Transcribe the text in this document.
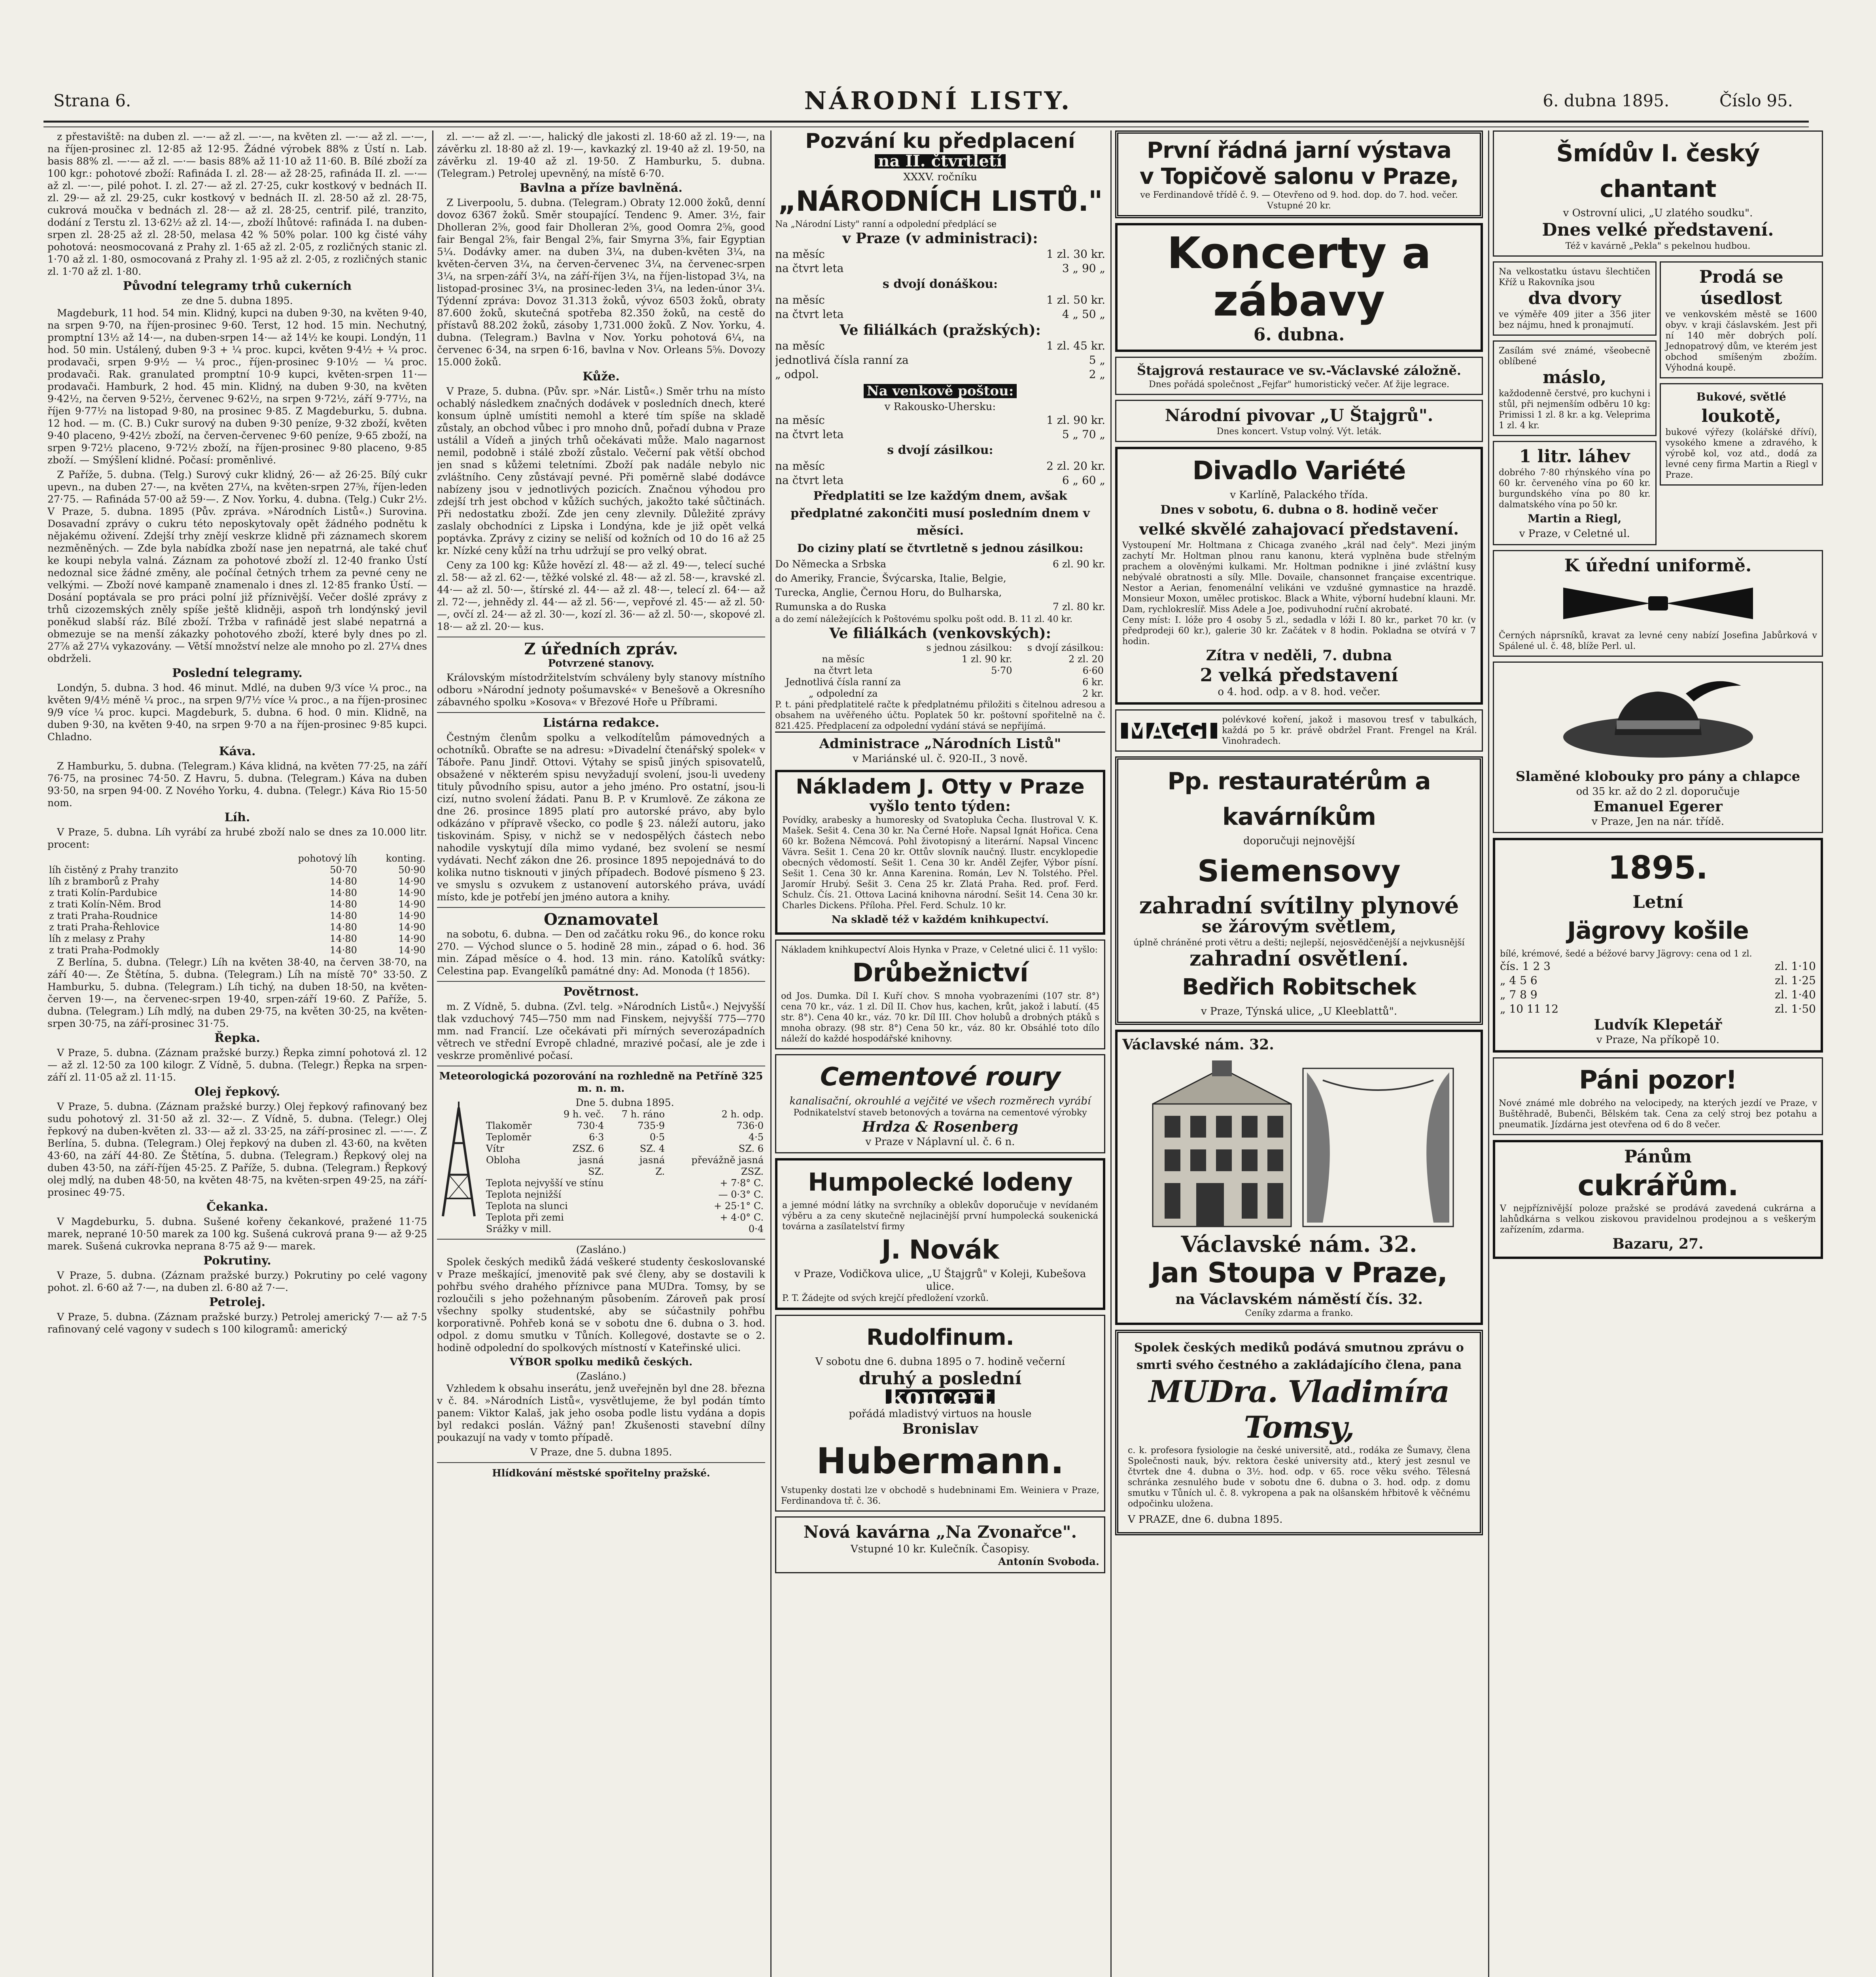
Strana 6.	NÁRODNÍ LISTY.	6. dubna 1895.	Číslo 95.

z přestaviště: na duben zl. —·— až zl. —·—, na květen zl. —·— až zl. —·—, na říjen-prosinec zl. 12·85 až 12·95. Žádné výrobek 88% z Ústí n. Lab. basis 88% zl. —·— až zl. —·— basis 88% až 11·10 až 11·60. B. Bílé zboží za 100 kgr.: pohotové zboží: Rafináda I. zl. 28·— až 28·25, rafináda II. zl. —·— až zl. —·—, pilé pohot. I. zl. 27·— až zl. 27·25, cukr kostkový v bednách II. zl. 29·— až zl. 29·25, cukr kostkový v bednách II. zl. 28·50 až zl. 28·75, cukrová moučka v bednách zl. 28·— až zl. 28·25, centrif. pilé, tranzito, dodání z Terstu zl. 13·62½ až zl. 14·—, zboží lhůtové: rafináda I. na duben-srpen zl. 28·25 až zl. 28·50, melasa 42 % 50% polar. 100 kg čisté váhy pohotová: neosmocovaná z Prahy zl. 1·65 až zl. 2·05, z rozličných stanic zl. 1·70 až zl. 1·80, osmocovaná z Prahy zl. 1·95 až zl. 2·05, z rozličných stanic zl. 1·70 až zl. 1·80.

Původní telegramy trhů cukerních
ze dne 5. dubna 1895.

Magdeburk, 11 hod. 54 min. Klidný, kupci na duben 9·30, na květen 9·40, na srpen 9·70, na říjen-prosinec 9·60. Terst, 12 hod. 15 min. Nechutný, promptní 13½ až 14·—, na duben-srpen 14·— až 14½ ke koupi. Londýn, 11 hod. 50 min. Ustálený, duben 9·3 + ¼ proc. kupci, květen 9·4½ + ¼ proc. prodavači, srpen 9·9½ — ¼ proc., říjen-prosinec 9·10½ — ¼ proc. prodavači. Rak. granulated promptní 10·9 kupci, květen-srpen 11·— prodavači. Hamburk, 2 hod. 45 min. Klidný, na duben 9·30, na květen 9·42½, na červen 9·52½, červenec 9·62½, na srpen 9·72½, září 9·77½, na říjen 9·77½ na listopad 9·80, na prosinec 9·85. Z Magdeburku, 5. dubna. 12 hod. — m. (C. B.) Cukr surový na duben 9·30 peníze, 9·32 zboží, květen 9·40 placeno, 9·42½ zboží, na červen-červenec 9·60 peníze, 9·65 zboží, na srpen 9·72½ placeno, 9·72½ zboží, na říjen-prosinec 9·80 placeno, 9·85 zboží. — Smýšlení klidné. Počasí: proměnlivé.

Z Paříže, 5. dubna. (Telg.) Surový cukr klidný, 26·— až 26·25. Bílý cukr upevn., na duben 27·—, na květen 27¼, na květen-srpen 27⅝, říjen-leden 27·75. — Rafináda 57·00 až 59·—. Z Nov. Yorku, 4. dubna. (Telg.) Cukr 2½. V Praze, 5. dubna. 1895 (Pův. zpráva. »Národních Listů«.) Surovina. Dosavadní zprávy o cukru této neposkytovaly opět žádného podnětu k nějakému oživení. Zdejší trhy znějí veskrze klidně při záznamech skorem nezměněných. — Zde byla nabídka zboží nase jen nepatrná, ale také chuť ke koupi nebyla valná. Záznam za pohotové zboží zl. 12·40 franko Ústí nedoznal sice žádné změny, ale počínal četných trhem za pevné ceny ne velkými. — Zboží nové kampaně znamenalo i dnes zl. 12·85 franko Ústí. — Dosání poptávala se pro práci polní již příznivější. Večer došlé zprávy z trhů cizozemských zněly spíše ještě klidněji, aspoň trh londýnský jevil poněkud slabší ráz. Bílé zboží. Tržba v rafinádě jest slabé nepatrná a obmezuje se na menší zákazky pohotového zboží, které byly dnes po zl. 27⅞ až 27¼ vykazovány. — Větší množství nelze ale mnoho po zl. 27¼ dnes obdrželi.

Poslední telegramy.

Londýn, 5. dubna. 3 hod. 46 minut. Mdlé, na duben 9/3 více ¼ proc., na květen 9/4½ méně ¼ proc., na srpen 9/7½ více ¼ proc., a na říjen-prosinec 9/9 více ¼ proc. kupci. Magdeburk, 5. dubna. 6 hod. 0 min. Klidně, na duben 9·30, na květen 9·40, na srpen 9·70 a na říjen-prosinec 9·85 kupci. Chladno.

Káva.

Z Hamburku, 5. dubna. (Telegram.) Káva klidná, na květen 77·25, na září 76·75, na prosinec 74·50. Z Havru, 5. dubna. (Telegram.) Káva na duben 93·50, na srpen 94·00. Z Nového Yorku, 4. dubna. (Telegr.) Káva Rio 15·50 nom.

Líh.

V Praze, 5. dubna. Líh vyrábí za hrubé zboží nalo se dnes za 10.000 litr. procent:

	pohotový líh	konting.
líh čistěný z Prahy tranzito	50·70	50·90
líh z bramborů z Prahy	14·80	14·90
z trati Kolín-Pardubice	14·80	14·90
z trati Kolín-Něm. Brod	14·80	14·90
z trati Praha-Roudnice	14·80	14·90
z trati Praha-Řehlovice	14·80	14·90
líh z melasy z Prahy	14·80	14·90
z trati Praha-Podmokly	14·80	14·90

Z Berlína, 5. dubna. (Telegr.) Líh na květen 38·40, na červen 38·70, na září 40·—. Ze Štětína, 5. dubna. (Telegram.) Líh na místě 70° 33·50. Z Hamburku, 5. dubna. (Telegram.) Líh tichý, na duben 18·50, na květen-červen 19·—, na červenec-srpen 19·40, srpen-září 19·60. Z Paříže, 5. dubna. (Telegram.) Líh mdlý, na duben 29·75, na květen 30·25, na květen-srpen 30·75, na září-prosinec 31·75.

Řepka.

V Praze, 5. dubna. (Záznam pražské burzy.) Řepka zimní pohotová zl. 12 — až zl. 12·50 za 100 kilogr. Z Vídně, 5. dubna. (Telegr.) Řepka na srpen-září zl. 11·05 až zl. 11·15.

Olej řepkový.

V Praze, 5. dubna. (Záznam pražské burzy.) Olej řepkový rafinovaný bez sudu pohotový zl. 31·50 až zl. 32·—. Z Vídně, 5. dubna. (Telegr.) Olej řepkový na duben-květen zl. 33·— až zl. 33·25, na září-prosinec zl. —·—. Z Berlína, 5. dubna. (Telegram.) Olej řepkový na duben zl. 43·60, na květen 43·60, na září 44·80. Ze Štětína, 5. dubna. (Telegram.) Řepkový olej na duben 43·50, na září-říjen 45·25. Z Paříže, 5. dubna. (Telegram.) Řepkový olej mdlý, na duben 48·50, na květen 48·75, na květen-srpen 49·25, na září-prosinec 49·75.

Čekanka.

V Magdeburku, 5. dubna. Sušené kořeny čekankové, pražené 11·75 marek, neprané 10·50 marek za 100 kg. Sušená cukrová prana 9·— až 9·25 marek. Sušená cukrovka neprana 8·75 až 9·— marek.

Pokrutiny.

V Praze, 5. dubna. (Záznam pražské burzy.) Pokrutiny po celé vagony pohot. zl. 6·60 až 7·—, na duben zl. 6·80 až 7·—.

Petrolej.

V Praze, 5. dubna. (Záznam pražské burzy.) Petrolej americký 7·— až 7·5 rafinovaný celé vagony v sudech s 100 kilogramů: americký

zl. —·— až zl. —·—, halický dle jakosti zl. 18·60 až zl. 19·—, na závěrku zl. 18·80 až zl. 19·—, kavkazký zl. 19·40 až zl. 19·50, na závěrku zl. 19·40 až zl. 19·50. Z Hamburku, 5. dubna. (Telegram.) Petrolej upevněný, na místě 6·70.

Bavlna a příze bavlněná.

Z Liverpoolu, 5. dubna. (Telegram.) Obraty 12.000 žoků, denní dovoz 6367 žoků. Směr stoupající. Tendenc 9. Amer. 3½, fair Dholleran 2⅝, good fair Dholleran 2⅝, good Oomra 2⅝, good fair Bengal 2⅝, fair Bengal 2⅝, fair Smyrna 3⅝, fair Egyptian 5¼. Dodávky amer. na duben 3¼, na duben-květen 3¼, na květen-červen 3¼, na červen-červenec 3¼, na červenec-srpen 3¼, na srpen-září 3¼, na září-říjen 3¼, na říjen-listopad 3¼, na listopad-prosinec 3¼, na prosinec-leden 3¼, na leden-únor 3¼. Týdenní zpráva: Dovoz 31.313 žoků, vývoz 6503 žoků, obraty 87.600 žoků, skutečná spotřeba 82.350 žoků, na cestě do přístavů 88.202 žoků, zásoby 1,731.000 žoků. Z Nov. Yorku, 4. dubna. (Telegram.) Bavlna v Nov. Yorku pohotová 6¼, na červenec 6·34, na srpen 6·16, bavlna v Nov. Orleans 5⅝. Dovozy 15.000 žoků.

Kůže.

V Praze, 5. dubna. (Pův. spr. »Nár. Listů«.) Směr trhu na místo ochablý následkem značných dodávek v posledních dnech, které konsum úplně umístiti nemohl a které tím spíše na skladě zůstaly, an obchod vůbec i pro mnoho dnů, pořadí dubna v Praze ustálil a Vídeň a jiných trhů očekávati může. Malo nagarnost nemil, podobně i stálé zboží zůstalo. Večerní pak větší obchod jen snad s kůžemi teletními. Zboží pak nadále nebylo nic zvláštního. Ceny zůstávají pevné. Při poměrně slabé dodávce nabízeny jsou v jednotlivých pozicích. Značnou výhodou pro zdejší trh jest obchod v kůžích suchých, jakožto také sůčtinách. Při nedostatku zboží. Zde jen ceny zlevnily. Důležité zprávy zaslaly obchodníci z Lipska i Londýna, kde je již opět velká poptávka. Zprávy z ciziny se neliší od kožních od 10 do 16 až 25 kr. Nízké ceny kůží na trhu udržují se pro velký obrat.

Ceny za 100 kg: Kůže hovězí zl. 48·— až zl. 49·—, telecí suché zl. 58·— až zl. 62·—, těžké volské zl. 48·— až zl. 58·—, kravské zl. 44·— až zl. 50·—, štírské zl. 44·— až zl. 48·—, telecí zl. 64·— až zl. 72·—, jehnědy zl. 44·— až zl. 56·—, vepřové zl. 45·— až zl. 50·—, ovčí zl. 24·— až zl. 30·—, kozí zl. 36·— až zl. 50·—, skopové zl. 18·— až zl. 20·— kus.

Z úředních zpráv.
Potvrzené stanovy.

Královským místodržitelstvím schváleny byly stanovy místního odboru »Národní jednoty pošumavské« v Benešově a Okresního zábavného spolku »Kosova« v Březové Hoře u Příbrami.

Listárna redakce.

Čestným členům spolku a velkodítelům pámovedných a ochotníků. Obraťte se na adresu: »Divadelní čtenářský spolek« v Táboře. Panu Jindř. Ottovi. Výtahy se spisů jiných spisovatelů, obsažené v některém spisu nevyžadují svolení, jsou-li uvedeny tituly původního spisu, autor a jeho jméno. Pro ostatní, jsou-li cizí, nutno svolení žádati. Panu B. P. v Krumlově. Ze zákona ze dne 26. prosince 1895 platí pro autorské právo, aby bylo odkázáno v přípravě všecko, co podle § 23. náleží autoru, jako tiskovinám. Spisy, v nichž se v nedospělých částech nebo nahodile vyskytují díla mimo vydané, bez svolení se nesmí vydávati. Nechť zákon dne 26. prosince 1895 nepojednává to do kolika nutno tisknouti v jiných případech. Bodové písmeno § 23. ve smyslu s ozvukem z ustanovení autorského práva, uvádí místo, kde je potřebí jen jméno autora a knihy.

Oznamovatel

na sobotu, 6. dubna. — Den od začátku roku 96., do konce roku 270. — Východ slunce o 5. hodině 28 min., západ o 6. hod. 36 min. Západ měsíce o 4. hod. 13 min. ráno. Katolíků svátky: Celestina pap. Evangelíků památné dny: Ad. Monoda († 1856).

Povětrnost.

m. Z Vídně, 5. dubna. (Zvl. telg. »Národních Listů«.) Nejvyšší tlak vzduchový 745—750 mm nad Finskem, nejvyšší 775—770 mm. nad Francií. Lze očekávati při mírných severozápadních větrech ve střední Evropě chladné, mrazivé počasí, ale je zde i veskrze proměnlivé počasí.

Meteorologická pozorování na rozhledně na Petříně 325 m. n. m.
Dne 5. dubna 1895.
	9 h. več.	7 h. ráno	2 h. odp.
Tlakoměr	730·4	735·9	736·0
Teploměr	6·3	0·5	4·5
Vítr	ZSZ. 6	SZ. 4	SZ. 6
Obloha	jasná	jasná	převážně jasná
	SZ.	Z.	ZSZ.
Teplota nejvyšší ve stínu	+ 7·8° C.
Teplota nejnižší	— 0·3° C.
Teplota na slunci	+ 25·1° C.
Teplota při zemi	+ 4·0° C.
Srážky v mill.	0·4
(Zasláno.)

Spolek českých mediků žádá veškeré studenty českoslovanské v Praze meškající, jmenovitě pak své členy, aby se dostavili k pohřbu svého drahého příznivce pana MUDra. Tomsy, by se rozloučili s jeho požehnaným působením. Zároveň pak prosí všechny spolky studentské, aby se súčastnily pohřbu korporativně. Pohřeb koná se v sobotu dne 6. dubna o 3. hod. odpol. z domu smutku v Tůních. Kollegové, dostavte se o 2. hodině odpolední do spolkových místností v Kateřinské ulici.

VÝBOR spolku mediků českých.
(Zasláno.)

Vzhledem k obsahu inserátu, jenž uveřejněn byl dne 28. března v č. 84. »Národních Listů«, vysvětlujeme, že byl podán tímto panem: Viktor Kalaš, jak jeho osoba podle listu vydána a dopis byl redakci poslán. Vážný pan! Zkušenosti stavební dílny poukazují na vady v tomto případě.

V Praze, dne 5. dubna 1895.
Hlídkování městské spořitelny pražské.
Pozvání ku předplacení
na II. čtvrtletí
XXXV. ročníku
„NÁRODNÍCH LISTŮ."
Na „Národní Listy" ranní a odpolední předplácí se
v Praze (v administraci):
na měsíc	1 zl. 30 kr.
na čtvrt leta	3 „ 90 „
s dvojí donáškou:
na měsíc	1 zl. 50 kr.
na čtvrt leta	4 „ 50 „
Ve filiálkách (pražských):
na měsíc	1 zl. 45 kr.
jednotlivá čísla ranní za	5 „
„ odpol.	2 „
Na venkově poštou:
v Rakousko-Uhersku:
na měsíc	1 zl. 90 kr.
na čtvrt leta	5 „ 70 „
s dvojí zásilkou:
na měsíc	2 zl. 20 kr.
na čtvrt leta	6 „ 60 „
Předplatiti se lze každým dnem, avšak předplatné zakončiti musí posledním dnem v měsíci.
Do ciziny platí se čtvrtletně s jednou zásilkou:
Do Německa a Srbska	6 zl. 90 kr.
do Ameriky, Francie, Švýcarska, Italie, Belgie, Turecka, Anglie, Černou Horu, do Bulharska, Rumunska a do Ruska	7 zl. 80 kr.
a do zemí náležejících k Poštovému spolku pošt odd. B. 11 zl. 40 kr.
Ve filiálkách (venkovských):
	s jednou zásilkou:	s dvojí zásilkou:
na měsíc	1 zl. 90 kr.	2 zl. 20
na čtvrt leta	5·70	6·60
Jednotlivá čísla ranní za		6 kr.
„ odpolední za		2 kr.
P. t. páni předplatitelé račte k předplatnému přiložiti s čitelnou adresou a obsahem na uvěřeného účtu. Poplatek 50 kr. poštovní spořitelně na č. 821.425. Předplacení za odpolední vydání stává se nepřijímá.
Administrace „Národních Listů"
v Mariánské ul. č. 920-II., 3 nově.
Nákladem J. Otty v Praze
vyšlo tento týden:
Povídky, arabesky a humoresky od Svatopluka Čecha. Ilustroval V. K. Mašek. Sešit 4. Cena 30 kr. Na Černé Hoře. Napsal Ignát Hořica. Cena 60 kr. Božena Němcová. Pohl životopisný a literární. Napsal Vincenc Vávra. Sešit 1. Cena 20 kr. Ottův slovník naučný. Ilustr. encyklopedie obecných vědomostí. Sešit 1. Cena 30 kr. Anděl Zejfer, Výbor písní. Sešit 1. Cena 30 kr. Anna Karenina. Román, Lev N. Tolstého. Přel. Jaromír Hrubý. Sešit 3. Cena 25 kr. Zlatá Praha. Red. prof. Ferd. Schulz. Čís. 21. Ottova Laciná knihovna národní. Sešit 14. Cena 30 kr. Charles Dickens. Příloha. Přel. Ferd. Schulz. 10 kr.
Na skladě též v každém knihkupectví.
Nákladem knihkupectví Alois Hynka v Praze, v Celetné ulici č. 11 vyšlo:
Drůbežnictví
od Jos. Dumka. Díl I. Kuří chov. S mnoha vyobrazeními (107 str. 8°) cena 70 kr., váz. 1 zl. Díl II. Chov hus, kachen, krůt, jakož i labutí. (45 str. 8°). Cena 40 kr., váz. 70 kr. Díl III. Chov holubů a drobných ptáků s mnoha obrazy. (98 str. 8°) Cena 50 kr., váz. 80 kr. Obsáhlé toto dílo náleží do každé hospodářské knihovny.
Cementové roury
kanalisační, okrouhlé a vejčité ve všech rozměrech vyrábí
Podnikatelství staveb betonových a továrna na cementové výrobky
Hrdza & Rosenberg
v Praze v Náplavní ul. č. 6 n.
Humpolecké lodeny
a jemné módní látky na svrchníky a oblekův doporučuje v nevídaném výběru a za ceny skutečně nejlacinější první humpolecká soukenická továrna a zasílatelství firmy
J. Novák
v Praze, Vodičkova ulice, „U Štajgrů" v Koleji, Kubešova ulice.
P. T. Žádejte od svých krejčí předložení vzorků.
Rudolfinum.
V sobotu dne 6. dubna 1895 o 7. hodině večerní
druhý a poslední
koncert
pořádá mladistvý virtuos na housle
Bronislav
Hubermann.
Vstupenky dostati lze v obchodě s hudebninami Em. Weiniera v Praze, Ferdinandova tř. č. 36.
Nová kavárna „Na Zvonařce".
Vstupné 10 kr. Kulečník. Časopisy.
Antonín Svoboda.
První řádná jarní výstava
v Topičově salonu v Praze,
ve Ferdinandově třídě č. 9. — Otevřeno od 9. hod. dop. do 7. hod. večer. Vstupné 20 kr.
Koncerty a zábavy
6. dubna.
Štajgrová restaurace ve sv.-Václavské záložně.
Dnes pořádá společnost „Fejfar" humoristický večer. Ať žije legrace.
Národní pivovar „U Štajgrů".
Dnes koncert. Vstup volný. Výt. leták.
Divadlo Variété
v Karlíně, Palackého třída.
Dnes v sobotu, 6. dubna o 8. hodině večer
velké skvělé zahajovací představení.
Vystoupení Mr. Holtmana z Chicaga zvaného „král nad čely". Mezi jiným zachytí Mr. Holtman plnou ranu kanonu, která vyplněna bude střelným prachem a olověnými kulkami. Mr. Holtman podnikne i jiné zvláštní kusy nebývalé obratnosti a síly. Mlle. Dovaile, chansonnet française excentrique. Nestor a Aerian, fenomenální velikáni ve vzdušné gymnastice na hrazdě. Monsieur Moxon, umělec protiskoc. Black a White, výborní hudební klauni. Mr. Dam, rychlokreslíř. Miss Adele a Joe, podivuhodní ruční akrobaté.
Ceny míst: I. lóže pro 4 osoby 5 zl., sedadla v lóži I. 80 kr., parket 70 kr. (v předprodeji 60 kr.), galerie 30 kr. Začátek v 8 hodin. Pokladna se otvírá v 7 hodin.
Zítra v neděli, 7. dubna
2 velká představení
o 4. hod. odp. a v 8. hod. večer.
MAGGI	polévkové koření, jakož i masovou tresť v tabulkách, každá po 5 kr. právě obdržel Frant. Frengel na Král. Vinohradech.
Pp. restauratérům a kavárníkům
doporučuji nejnovější
Siemensovy
zahradní svítilny plynové
se žárovým světlem,
úplně chráněné proti větru a dešti; nejlepší, nejosvědčenější a nejvkusnější
zahradní osvětlení.
Bedřich Robitschek
v Praze, Týnská ulice, „U Kleeblattů".
Václavské nám. 32.
Václavské nám. 32.
Jan Stoupa v Praze,
na Václavském náměstí čís. 32.
Ceníky zdarma a franko.
Spolek českých mediků podává smutnou zprávu o smrti svého čestného a zakládajícího člena, pana
MUDra. Vladimíra Tomsy,
c. k. profesora fysiologie na české universitě, atd., rodáka ze Šumavy, člena Společnosti nauk, býv. rektora české university atd., který jest zesnul ve čtvrtek dne 4. dubna o 3½. hod. odp. v 65. roce věku svého. Tělesná schránka zesnulého bude v sobotu dne 6. dubna o 3. hod. odp. z domu smutku v Tůních ul. č. 8. vykropena a pak na olšanském hřbitově k věčnému odpočinku uložena.
V PRAZE, dne 6. dubna 1895.
Šmídův I. český chantant
v Ostrovní ulici, „U zlatého soudku".
Dnes velké představení.
Též v kavárně „Pekla" s pekelnou hudbou.
Na velkostatku ústavu šlechtičen Kříž u Rakovníka jsou
dva dvory
ve výměře 409 jiter a 356 jiter bez nájmu, hned k pronajmutí.
Zasílám své známé, všeobecně oblíbené
máslo,
každodenně čerstvé, pro kuchyni i stůl, při nejmenším odběru 10 kg: Primissi 1 zl. 8 kr. a kg. Veleprima 1 zl. 4 kr.
1 litr. láhev
dobrého 7·80 rhýnského vína po 60 kr. červeného vína po 60 kr. burgundského vína po 80 kr. dalmatského vína po 50 kr.
Martin a Riegl,
v Praze, v Celetné ul.
Prodá se úsedlost
ve venkovském městě se 1600 obyv. v kraji čáslavském. Jest při ní 140 měr dobrých polí. Jednopatrový dům, ve kterém jest obchod smíšeným zbožím. Výhodná koupě.
Bukové, světlé
loukotě,
bukové výřezy (kolářské dříví), vysokého kmene a zdravého, k výrobě kol, voz atd., dodá za levné ceny firma Martin a Riegl v Praze.
K úřední uniformě.
Černých náprsníků, kravat za levné ceny nabízí Josefina Jabůrková v Spálené ul. č. 48, blíže Perl. ul.
Slaměné klobouky pro pány a chlapce
od 35 kr. až do 2 zl. doporučuje
Emanuel Egerer
v Praze, Jen na nár. třídě.
1895.
Letní
Jägrovy košile
bílé, krémové, šedé a béžové barvy Jägrovy: cena od 1 zl.
čís. 1 2 3	zl. 1·10
„ 4 5 6	zl. 1·25
„ 7 8 9	zl. 1·40
„ 10 11 12	zl. 1·50
Ludvík Klepetář
v Praze, Na příkopě 10.
Páni pozor!
Nové známé mle dobrého na velocipedy, na kterých jezdí ve Praze, v Buštěhradě, Bubenči, Bělském tak. Cena za celý stroj bez potahu a pneumatik. Jízdárna jest otevřena od 6 do 8 večer.
Pánům
cukrářům.
V nejpříznivější poloze pražské se prodává zavedená cukrárna a lahůdkárna s velkou ziskovou pravidelnou prodejnou a s veškerým zařízením, zdarma.
Bazaru, 27.
